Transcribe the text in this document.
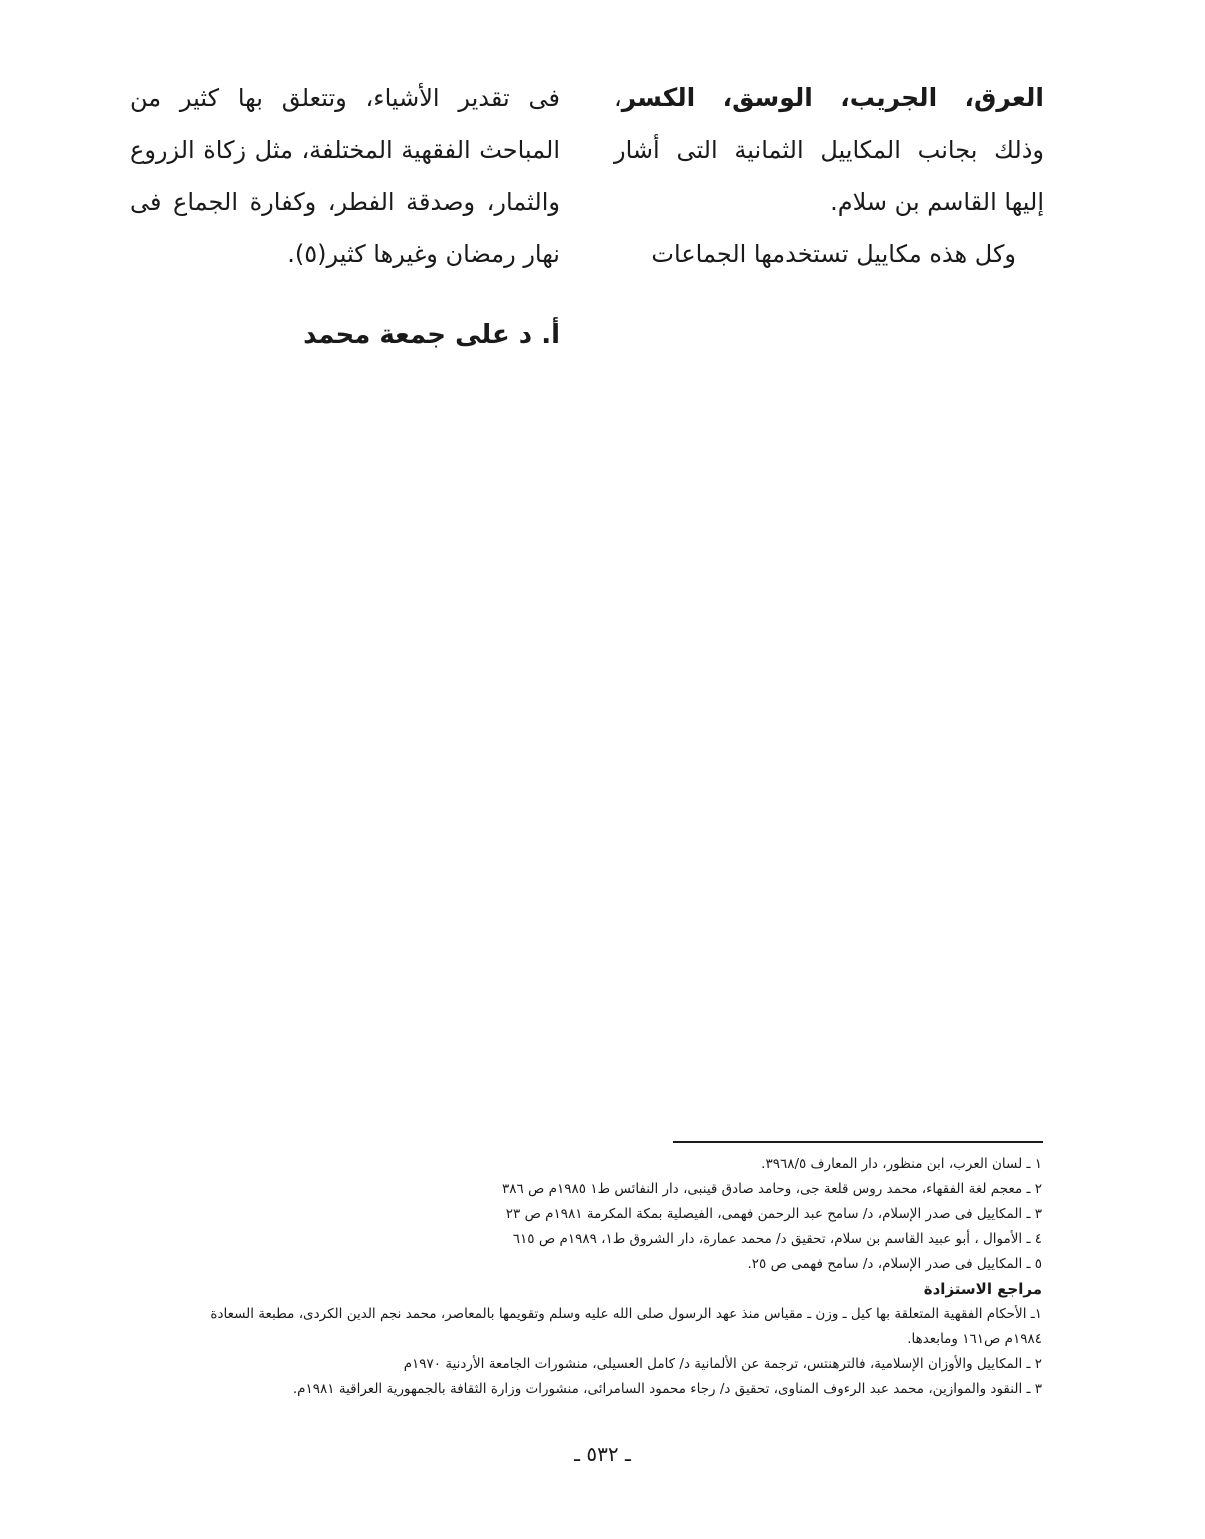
العرق، الجريب، الوسق، الكسر، وذلك بجانب المكاييل الثمانية التى أشار إليها القاسم بن سلام.

وكل هذه مكاييل تستخدمها الجماعات

فى تقدير الأشياء، وتتعلق بها كثير من المباحث الفقهية المختلفة، مثل زكاة الزروع والثمار، وصدقة الفطر، وكفارة الجماع فى نهار رمضان وغيرها كثير(٥).

أ. د على جمعة محمد
١ ـ لسان العرب، ابن منظور، دار المعارف ٣٩٦٨/٥.
٢ ـ معجم لغة الفقهاء، محمد روس قلعة جى، وحامد صادق قينبى، دار النفائس ط١ ١٩٨٥م ص ٣٨٦
٣ ـ المكاييل فى صدر الإسلام، د/ سامح عبد الرحمن فهمى، الفيصلية بمكة المكرمة ١٩٨١م ص ٢٣
٤ ـ الأموال ، أبو عبيد القاسم بن سلام، تحقيق د/ محمد عمارة، دار الشروق ط١، ١٩٨٩م ص ٦١٥
٥ ـ المكاييل فى صدر الإسلام، د/ سامح فهمى ص ٢٥.
مراجع الاستزادة
١ـ الأحكام الفقهية المتعلقة بها كيل ـ وزن ـ مقياس منذ عهد الرسول صلى الله عليه وسلم وتقويمها بالمعاصر، محمد نجم الدين الكردى، مطبعة السعادة ١٩٨٤م ص١٦١ ومابعدها.
٢ ـ المكاييل والأوزان الإسلامية، فالترهنتس، ترجمة عن الألمانية د/ كامل العسيلى، منشورات الجامعة الأردنية ١٩٧٠م
٣ ـ النقود والموازين، محمد عبد الرءوف المناوى، تحقيق د/ رجاء محمود السامرائى، منشورات وزارة الثقافة بالجمهورية العراقية ١٩٨١م.
ـ ٥٣٢ ـ
